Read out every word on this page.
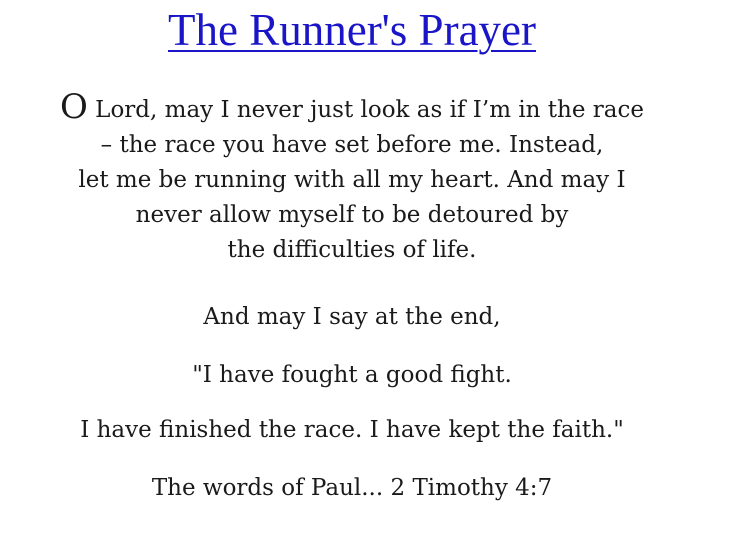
The Runner's Prayer
O Lord, may I never just look as if I’m in the race
– the race you have set before me. Instead,
let me be running with all my heart. And may I
never allow myself to be detoured by
the difficulties of life.
And may I say at the end,
"I have fought a good fight.
I have finished the race. I have kept the faith."
The words of Paul... 2 Timothy 4:7
